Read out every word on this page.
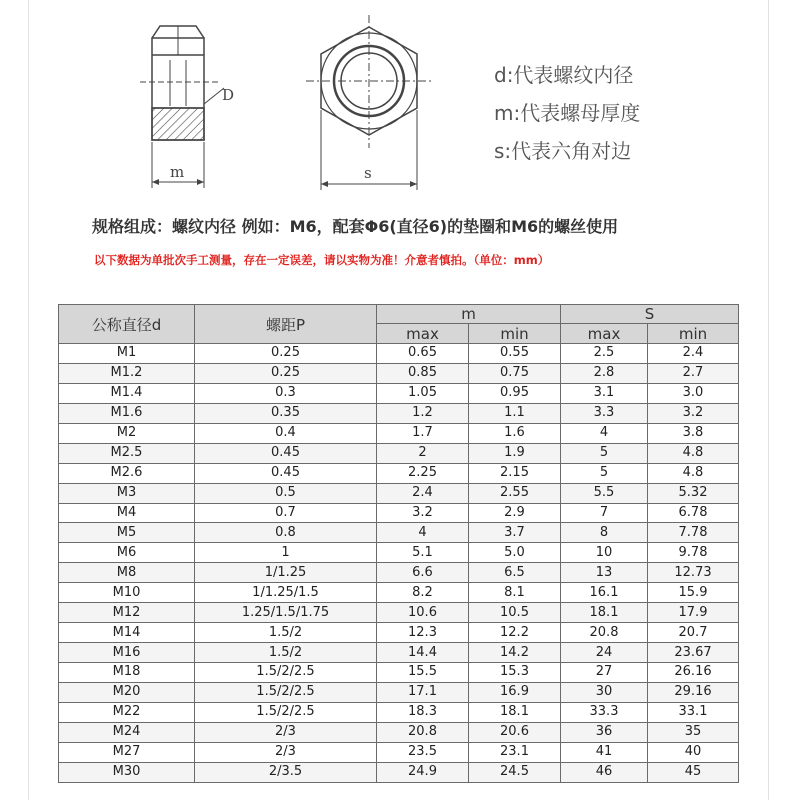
D
m	s
d:代表螺纹内径
m:代表螺母厚度
s:代表六角对边
规格组成：螺纹内径 例如：M6，配套Φ6(直径6)的垫圈和M6的螺丝使用
以下数据为单批次手工测量，存在一定误差，请以实物为准！介意者慎拍。（单位：mm）
公称直径d	螺距P	m		S	
		max	min	max	min
M1	0.25	0.65	0.55	2.5	2.4
M1.2	0.25	0.85	0.75	2.8	2.7
M1.4	0.3	1.05	0.95	3.1	3.0
M1.6	0.35	1.2	1.1	3.3	3.2
M2	0.4	1.7	1.6	4	3.8
M2.5	0.45	2	1.9	5	4.8
M2.6	0.45	2.25	2.15	5	4.8
M3	0.5	2.4	2.55	5.5	5.32
M4	0.7	3.2	2.9	7	6.78
M5	0.8	4	3.7	8	7.78
M6	1	5.1	5.0	10	9.78
M8	1/1.25	6.6	6.5	13	12.73
M10	1/1.25/1.5	8.2	8.1	16.1	15.9
M12	1.25/1.5/1.75	10.6	10.5	18.1	17.9
M14	1.5/2	12.3	12.2	20.8	20.7
M16	1.5/2	14.4	14.2	24	23.67
M18	1.5/2/2.5	15.5	15.3	27	26.16
M20	1.5/2/2.5	17.1	16.9	30	29.16
M22	1.5/2/2.5	18.3	18.1	33.3	33.1
M24	2/3	20.8	20.6	36	35
M27	2/3	23.5	23.1	41	40
M30	2/3.5	24.9	24.5	46	45
